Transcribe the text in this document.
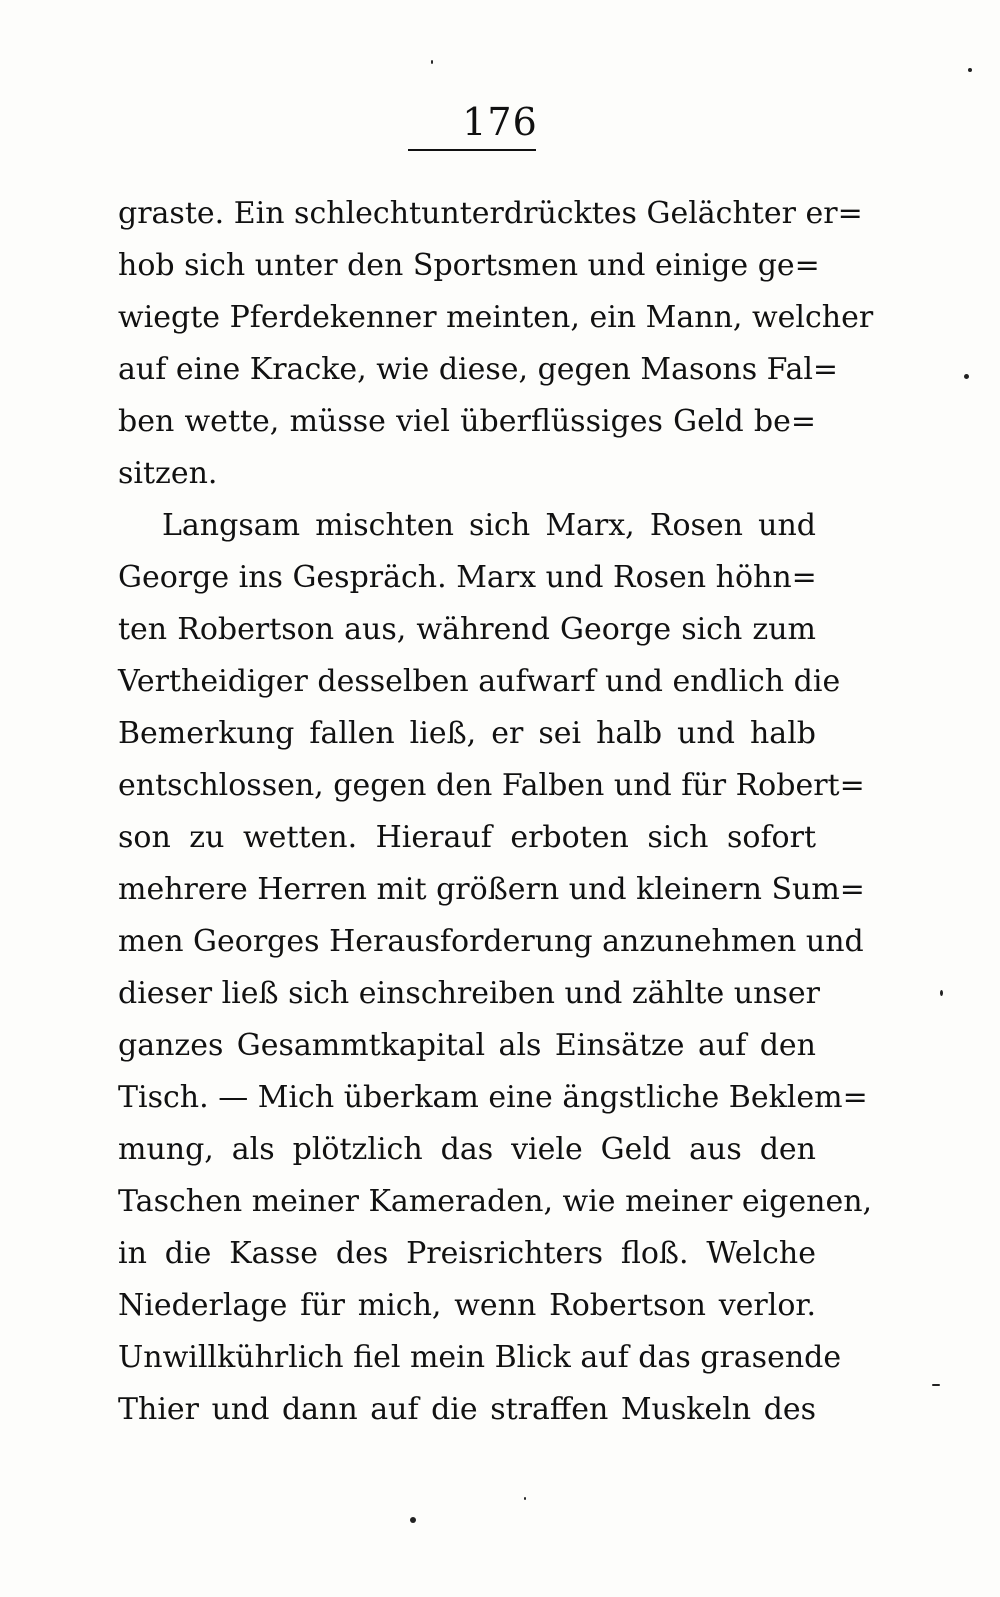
176
graste. Ein schlechtunterdrücktes Gelächter er=
hob sich unter den Sportsmen und einige ge=
wiegte Pferdekenner meinten, ein Mann, welcher
auf eine Kracke, wie diese, gegen Masons Fal=
ben wette, müsse viel überflüssiges Geld be=
sitzen.
Langsam mischten sich Marx, Rosen und
George ins Gespräch. Marx und Rosen höhn=
ten Robertson aus, während George sich zum
Vertheidiger desselben aufwarf und endlich die
Bemerkung fallen ließ, er sei halb und halb
entschlossen, gegen den Falben und für Robert=
son zu wetten. Hierauf erboten sich sofort
mehrere Herren mit größern und kleinern Sum=
men Georges Herausforderung anzunehmen und
dieser ließ sich einschreiben und zählte unser
ganzes Gesammtkapital als Einsätze auf den
Tisch. — Mich überkam eine ängstliche Beklem=
mung, als plötzlich das viele Geld aus den
Taschen meiner Kameraden, wie meiner eigenen,
in die Kasse des Preisrichters floß. Welche
Niederlage für mich, wenn Robertson verlor.
Unwillkührlich fiel mein Blick auf das grasende
Thier und dann auf die straffen Muskeln des
